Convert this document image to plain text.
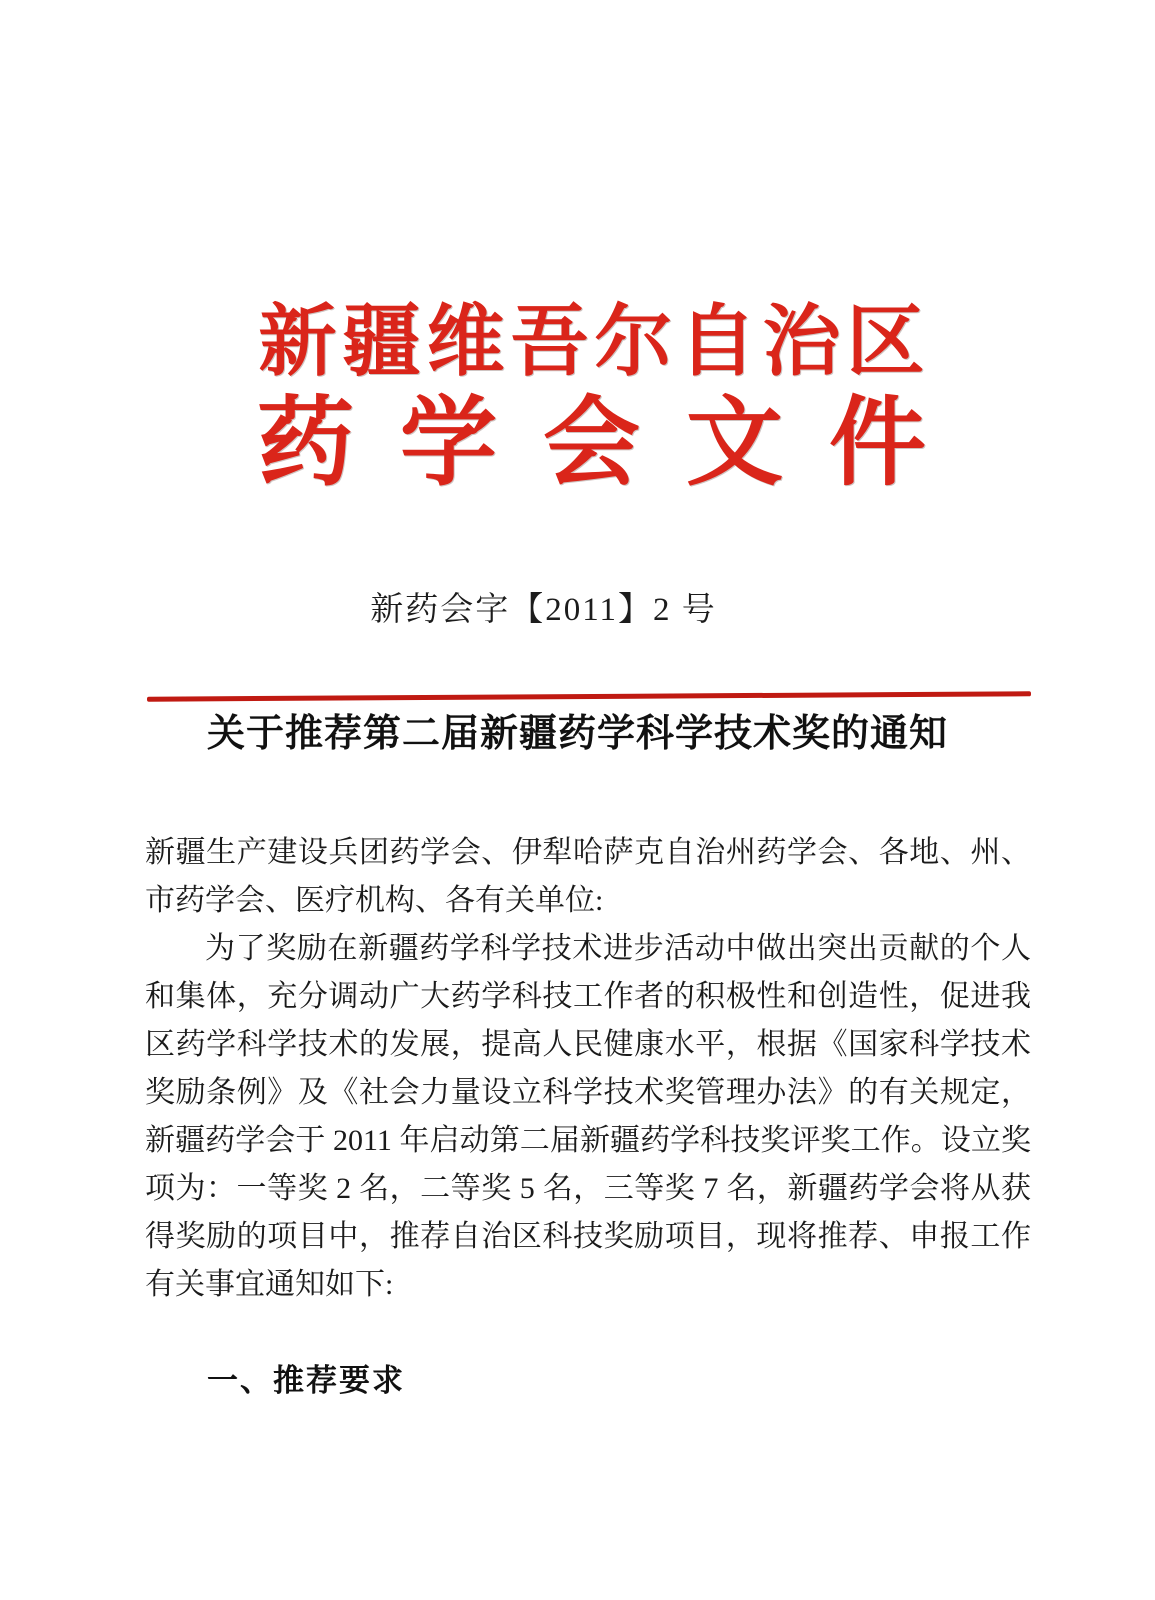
新疆维吾尔自治区
药学会文件
新药会字【2011】2 号
关于推荐第二届新疆药学科学技术奖的通知
新疆生产建设兵团药学会、伊犁哈萨克自治州药学会、各地、州、
市药学会、医疗机构、各有关单位:
为了奖励在新疆药学科学技术进步活动中做出突出贡献的个人
和集体，充分调动广大药学科技工作者的积极性和创造性，促进我
区药学科学技术的发展，提高人民健康水平，根据《国家科学技术
奖励条例》及《社会力量设立科学技术奖管理办法》的有关规定，
新疆药学会于 2011 年启动第二届新疆药学科技奖评奖工作。设立奖
项为：一等奖 2 名，二等奖 5 名，三等奖 7 名，新疆药学会将从获
得奖励的项目中，推荐自治区科技奖励项目，现将推荐、申报工作
有关事宜通知如下:
一、推荐要求
